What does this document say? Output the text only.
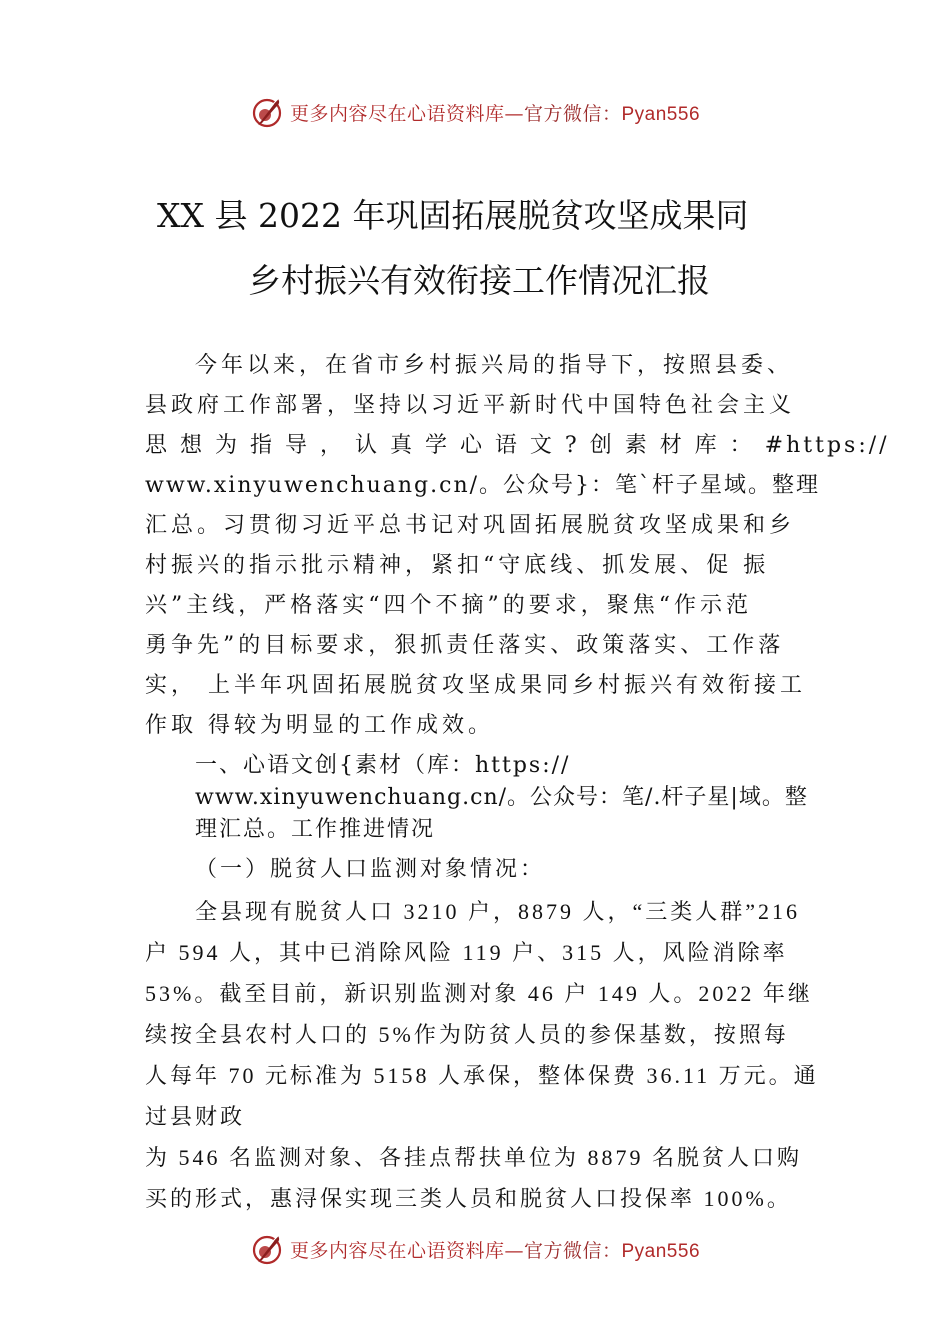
更多内容尽在心语资料库—官方微信：Pyan556
XX 县 2022 年巩固拓展脱贫攻坚成果同
乡村振兴有效衔接工作情况汇报
今年以来，在省市乡村振兴局的指导下，按照县委、
县政府工作部署，坚持以习近平新时代中国特色社会主义
思 想 为 指 导 ， 认 真 学 心 语 文 ? 创 素 材 库 ： #https://
www.xinyuwenchuang.cn/。公众号}：笔`杆子星域。整理
汇总。习贯彻习近平总书记对巩固拓展脱贫攻坚成果和乡
村振兴的指示批示精神，紧扣“守底线、抓发展、促 振
兴”主线，严格落实“四个不摘”的要求，聚焦“作示范
勇争先”的目标要求，狠抓责任落实、政策落实、工作落
实， 上半年巩固拓展脱贫攻坚成果同乡村振兴有效衔接工
作取 得较为明显的工作成效。
一、心语文创{素材（库：https://
www.xinyuwenchuang.cn/。公众号：笔/.杆子星|域。整
理汇总。工作推进情况
（一）脱贫人口监测对象情况：
全县现有脱贫人口 3210 户，8879 人，“三类人群”216
户 594 人，其中已消除风险 119 户、315 人，风险消除率
53%。截至目前，新识别监测对象 46 户 149 人。2022 年继
续按全县农村人口的 5%作为防贫人员的参保基数，按照每
人每年 70 元标准为 5158 人承保，整体保费 36.11 万元。通
过县财政
为 546 名监测对象、各挂点帮扶单位为 8879 名脱贫人口购
买的形式，惠浔保实现三类人员和脱贫人口投保率 100%。
更多内容尽在心语资料库—官方微信：Pyan556
